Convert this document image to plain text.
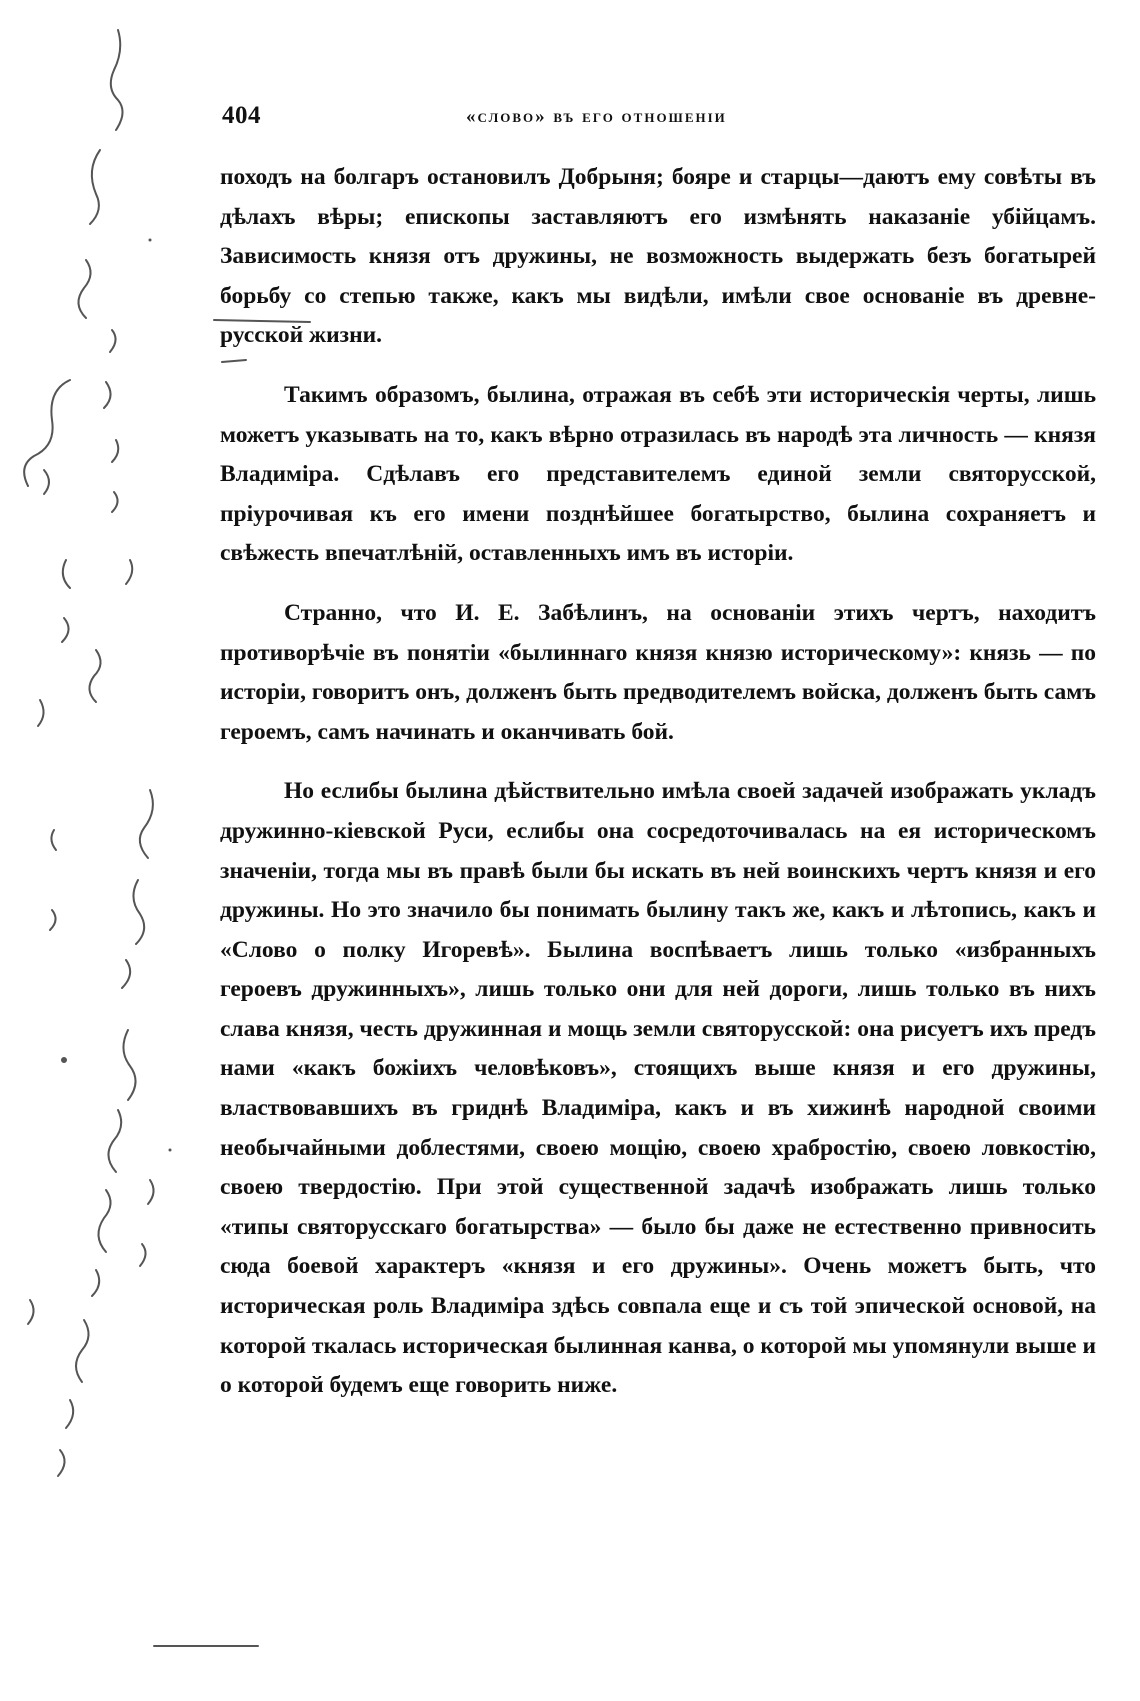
404	«слово» въ его отношеніи

походъ на болгаръ остановилъ Добрыня; бояре и старцы—даютъ ему совѣты въ дѣлахъ вѣры; епископы заставляютъ его измѣнять наказаніе убійцамъ. Зависимость князя отъ дружины, не возможность выдержать безъ богатырей борьбу со степью также, какъ мы видѣли, имѣли свое основаніе въ древне-русской жизни.

Такимъ образомъ, былина, отражая въ себѣ эти историческія черты, лишь можетъ указывать на то, какъ вѣрно отразилась въ народѣ эта личность — князя Владиміра. Сдѣлавъ его представителемъ единой земли святорусской, пріурочивая къ его имени позднѣйшее богатырство, былина сохраняетъ и свѣжесть впечатлѣній, оставленныхъ имъ въ исторіи.

Странно, что И. Е. Забѣлинъ, на основаніи этихъ чертъ, находитъ противорѣчіе въ понятіи «былиннаго князя князю историческому»: князь — по исторіи, говоритъ онъ, долженъ быть предводителемъ войска, долженъ быть самъ героемъ, самъ начинать и оканчивать бой.

Но еслибы былина дѣйствительно имѣла своей задачей изображать укладъ дружинно-кіевской Руси, еслибы она сосредоточивалась на ея историческомъ значеніи, тогда мы въ правѣ были бы искать въ ней воинскихъ чертъ князя и его дружины. Но это значило бы понимать былину такъ же, какъ и лѣтопись, какъ и «Слово о полку Игоревѣ». Былина воспѣваетъ лишь только «избранныхъ героевъ дружинныхъ», лишь только они для ней дороги, лишь только въ нихъ слава князя, честь дружинная и мощь земли святорусской: она рисуетъ ихъ предъ нами «какъ божіихъ человѣковъ», стоящихъ выше князя и его дружины, властвовавшихъ въ гриднѣ Владиміра, какъ и въ хижинѣ народной своими необычайными доблестями, своею мощію, своею храбростію, своею ловкостію, своею твердостію. При этой существенной задачѣ изображать лишь только «типы святорусскаго богатырства» — было бы даже не естественно привносить сюда боевой характеръ «князя и его дружины». Очень можетъ быть, что историческая роль Владиміра здѣсь совпала еще и съ той эпической основой, на которой ткалась историческая былинная канва, о которой мы упомянули выше и о которой будемъ еще говорить ниже.
